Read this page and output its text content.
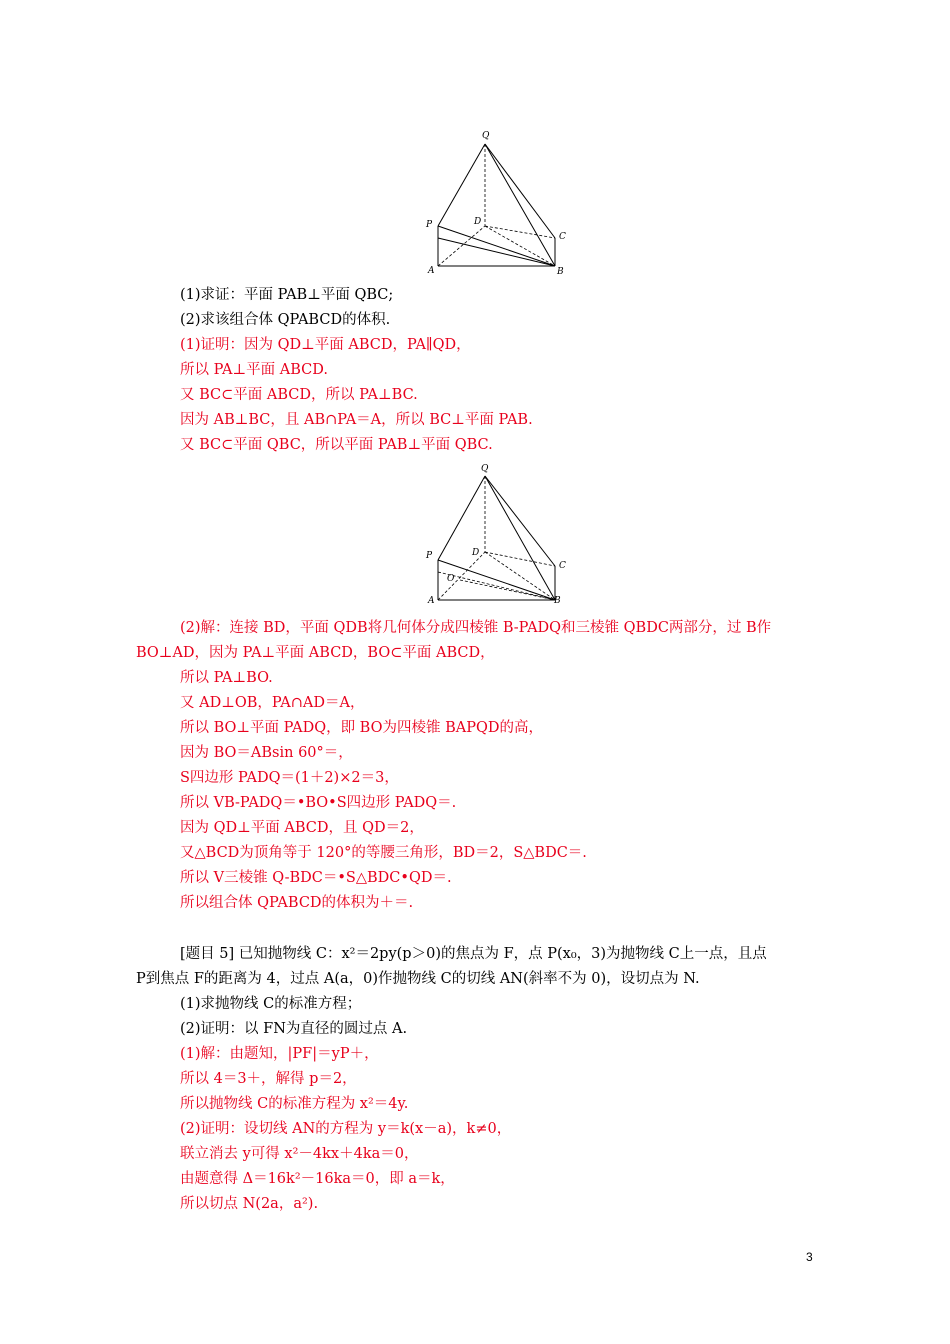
Q
P	D
C
A	B
(1)求证：平面 PAB⊥平面 QBC;
(2)求该组合体 QPABCD的体积.
(1)证明：因为 QD⊥平面 ABCD，PA∥QD，
所以 PA⊥平面 ABCD.
又 BC⊂平面 ABCD，所以 PA⊥BC.
因为 AB⊥BC，且 AB∩PA＝A，所以 BC⊥平面 PAB.
又 BC⊂平面 QBC，所以平面 PAB⊥平面 QBC.
Q
P	D
C
O
A	B
(2)解：连接 BD，平面 QDB将几何体分成四棱锥 B-PADQ和三棱锥 QBDC两部分，过 B作
BO⊥AD，因为 PA⊥平面 ABCD，BO⊂平面 ABCD，
所以 PA⊥BO.
又 AD⊥OB，PA∩AD＝A，
所以 BO⊥平面 PADQ，即 BO为四棱锥 BAPQD的高，
因为 BO＝ABsin 60°＝，
S四边形 PADQ＝(1＋2)×2＝3，
所以 VB-PADQ＝•BO•S四边形 PADQ＝.
因为 QD⊥平面 ABCD，且 QD＝2，
又△BCD为顶角等于 120°的等腰三角形，BD＝2，S△BDC＝.
所以 V三棱锥 Q-BDC＝•S△BDC•QD＝.
所以组合体 QPABCD的体积为＋＝.
[题目 5] 已知抛物线 C：x²＝2py(p＞0)的焦点为 F，点 P(x₀，3)为抛物线 C上一点，且点
P到焦点 F的距离为 4，过点 A(a，0)作抛物线 C的切线 AN(斜率不为 0)，设切点为 N.
(1)求抛物线 C的标准方程；
(2)证明：以 FN为直径的圆过点 A.
(1)解：由题知，|PF|＝yP＋，
所以 4＝3＋，解得 p＝2，
所以抛物线 C的标准方程为 x²＝4y.
(2)证明：设切线 AN的方程为 y＝k(x－a)，k≠0，
联立消去 y可得 x²－4kx＋4ka＝0，
由题意得 Δ＝16k²－16ka＝0，即 a＝k，
所以切点 N(2a，a²).
3
